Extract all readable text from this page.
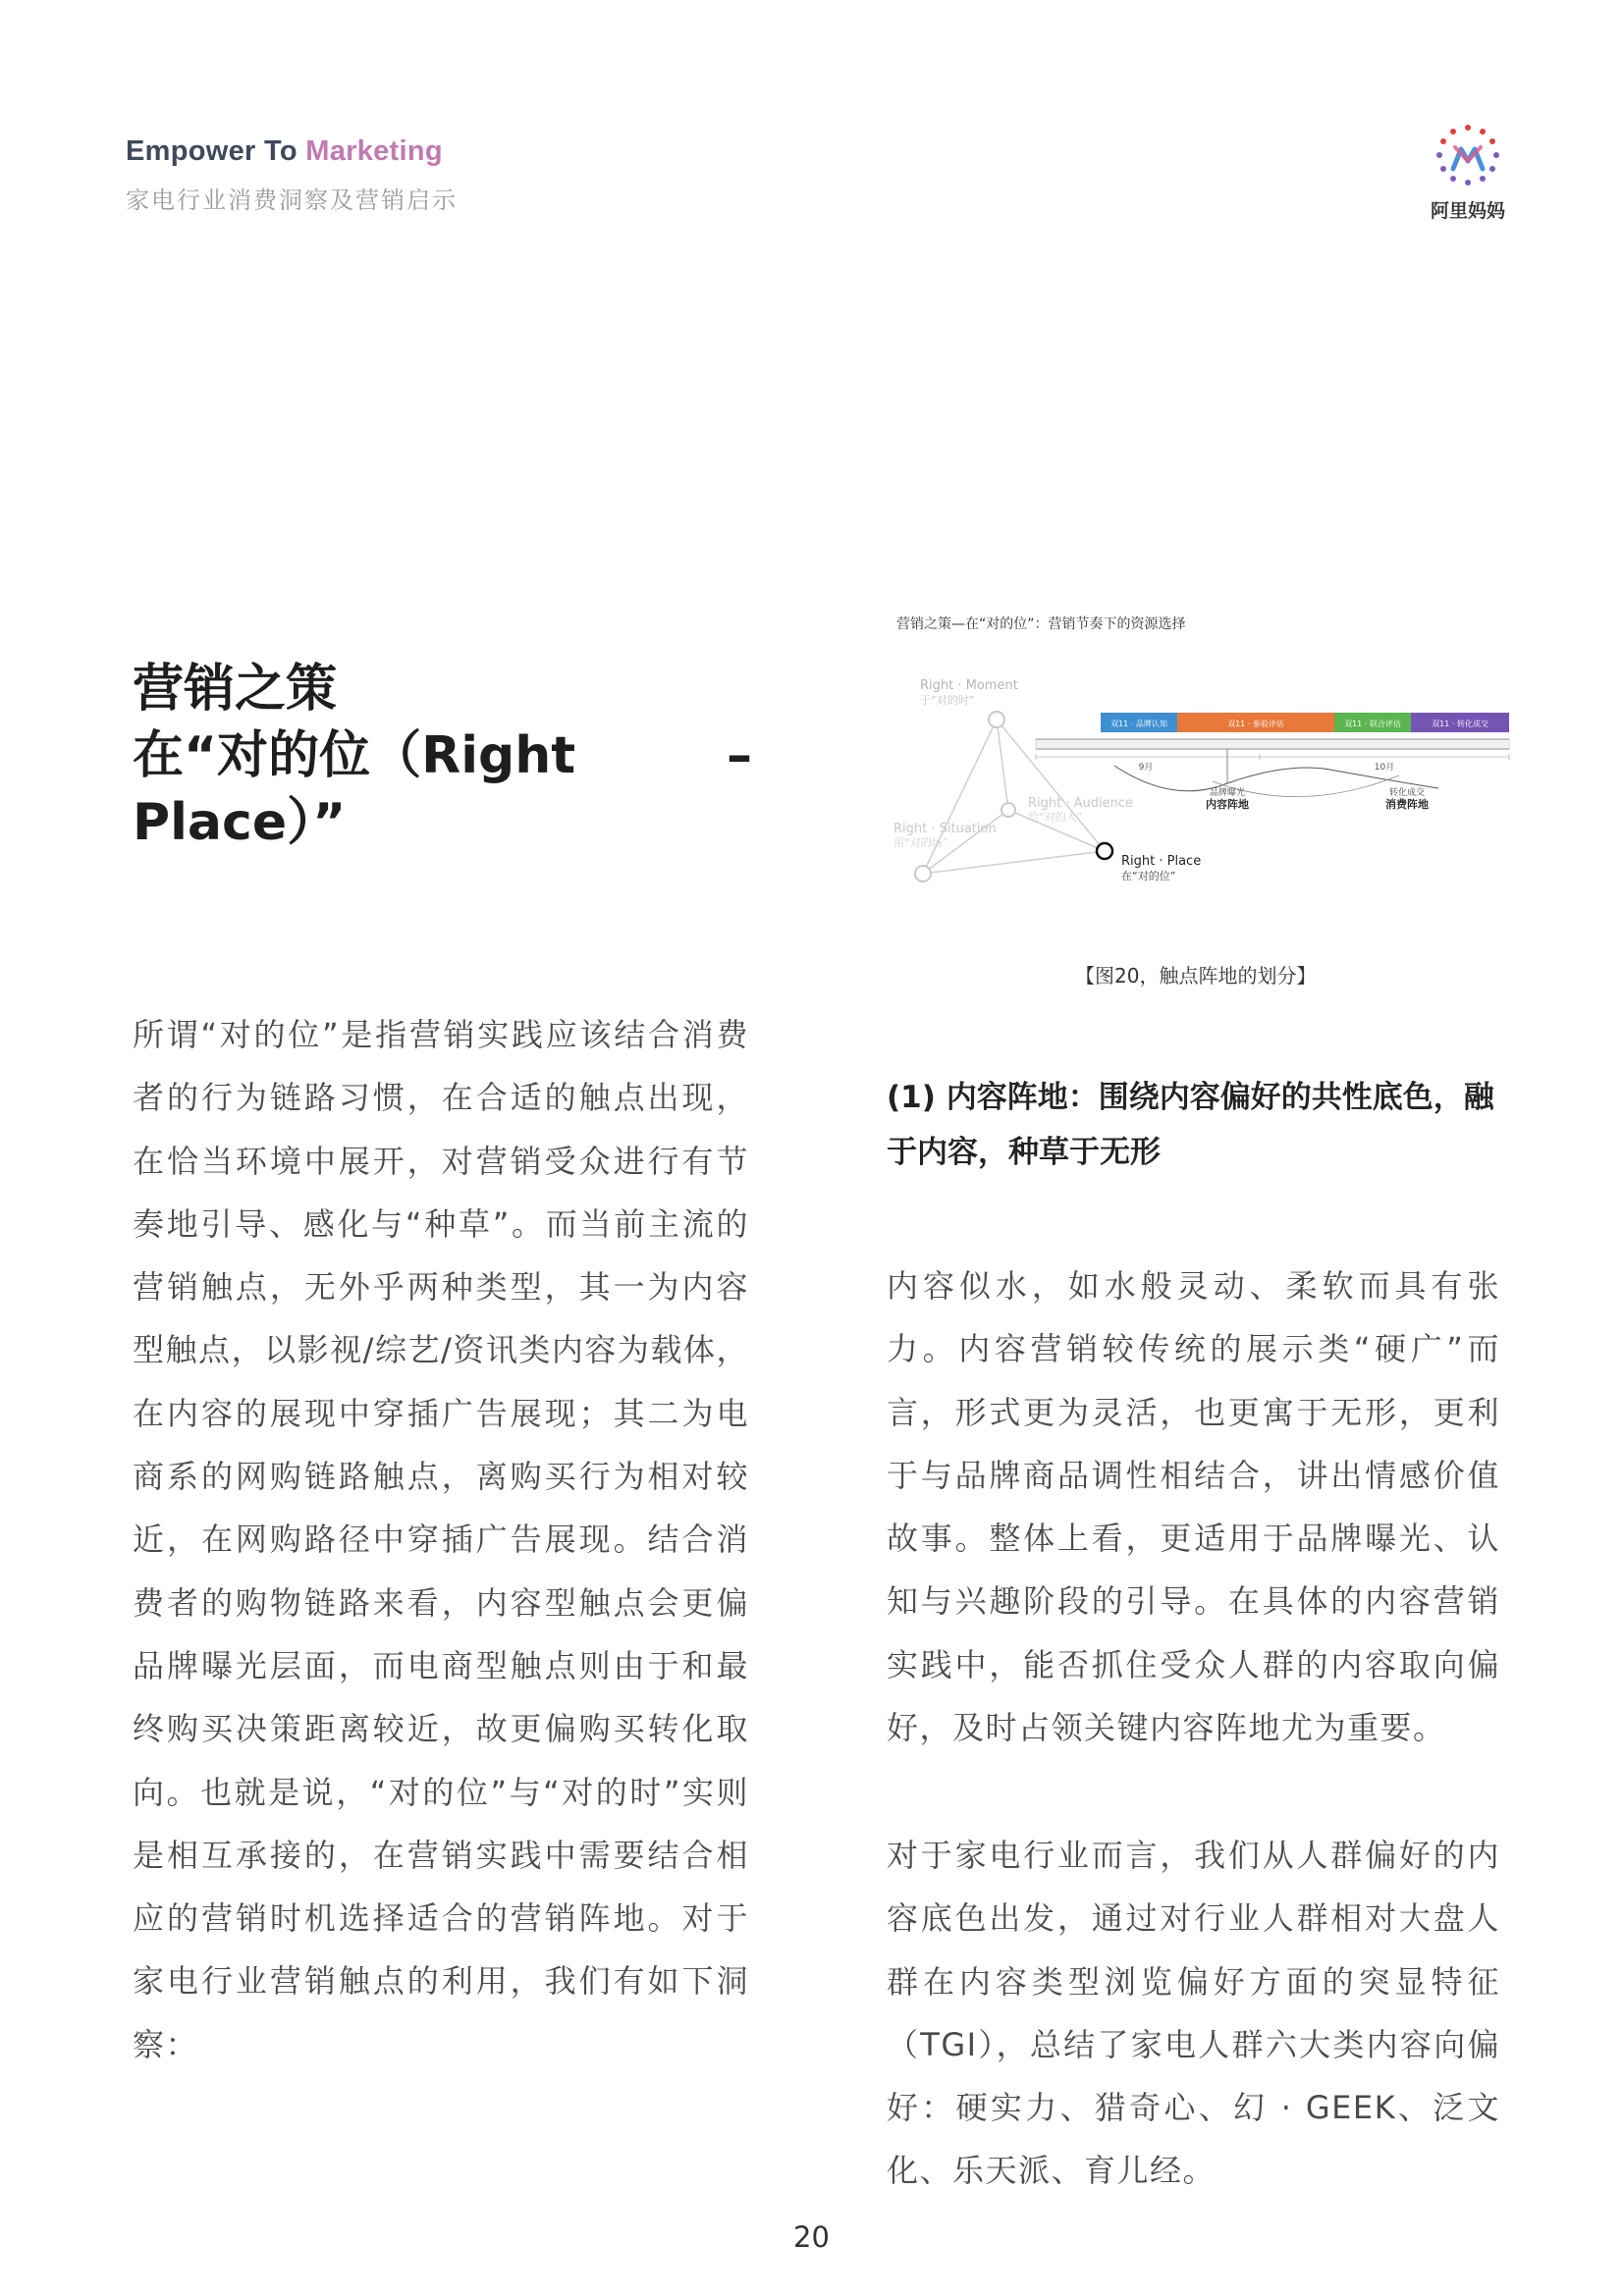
Empower To Marketing
家电行业消费洞察及营销启示	阿里妈妈
营销之策
在“对的位（Right	–
Place）”
所谓“对的位”是指营销实践应该结合消费者的行为链路习惯，在合适的触点出现，在恰当环境中展开，对营销受众进行有节奏地引导、感化与“种草”。而当前主流的营销触点，无外乎两种类型，其一为内容型触点，以影视/综艺/资讯类内容为载体，在内容的展现中穿插广告展现；其二为电商系的网购链路触点，离购买行为相对较近，在网购路径中穿插广告展现。结合消费者的购物链路来看，内容型触点会更偏品牌曝光层面，而电商型触点则由于和最终购买决策距离较近，故更偏购买转化取向。也就是说，“对的位”与“对的时”实则是相互承接的，在营销实践中需要结合相应的营销时机选择适合的营销阵地。对于家电行业营销触点的利用，我们有如下洞察：
营销之策—在“对的位”：营销节奏下的资源选择
Right · Moment
于“对的时”
Right · Audience
给“对的人”
Right · Situation
用“对的场”
Right · Place
在“对的位”
双11 · 品牌认知	双11 · 参验评估	双11 · 联合评估	双11 · 转化成交
9月	10月
品牌曝光
内容阵地
转化成交
消费阵地
【图20，触点阵地的划分】
(1) 内容阵地：围绕内容偏好的共性底色，融于内容，种草于无形
内容似水，如水般灵动、柔软而具有张力。内容营销较传统的展示类“硬广”而言，形式更为灵活，也更寓于无形，更利于与品牌商品调性相结合，讲出情感价值故事。整体上看，更适用于品牌曝光、认知与兴趣阶段的引导。在具体的内容营销实践中，能否抓住受众人群的内容取向偏好，及时占领关键内容阵地尤为重要。
对于家电行业而言，我们从人群偏好的内容底色出发，通过对行业人群相对大盘人群在内容类型浏览偏好方面的突显特征（TGI），总结了家电人群六大类内容向偏好：硬实力、猎奇心、幻 · GEEK、泛文化、乐天派、育儿经。
20
